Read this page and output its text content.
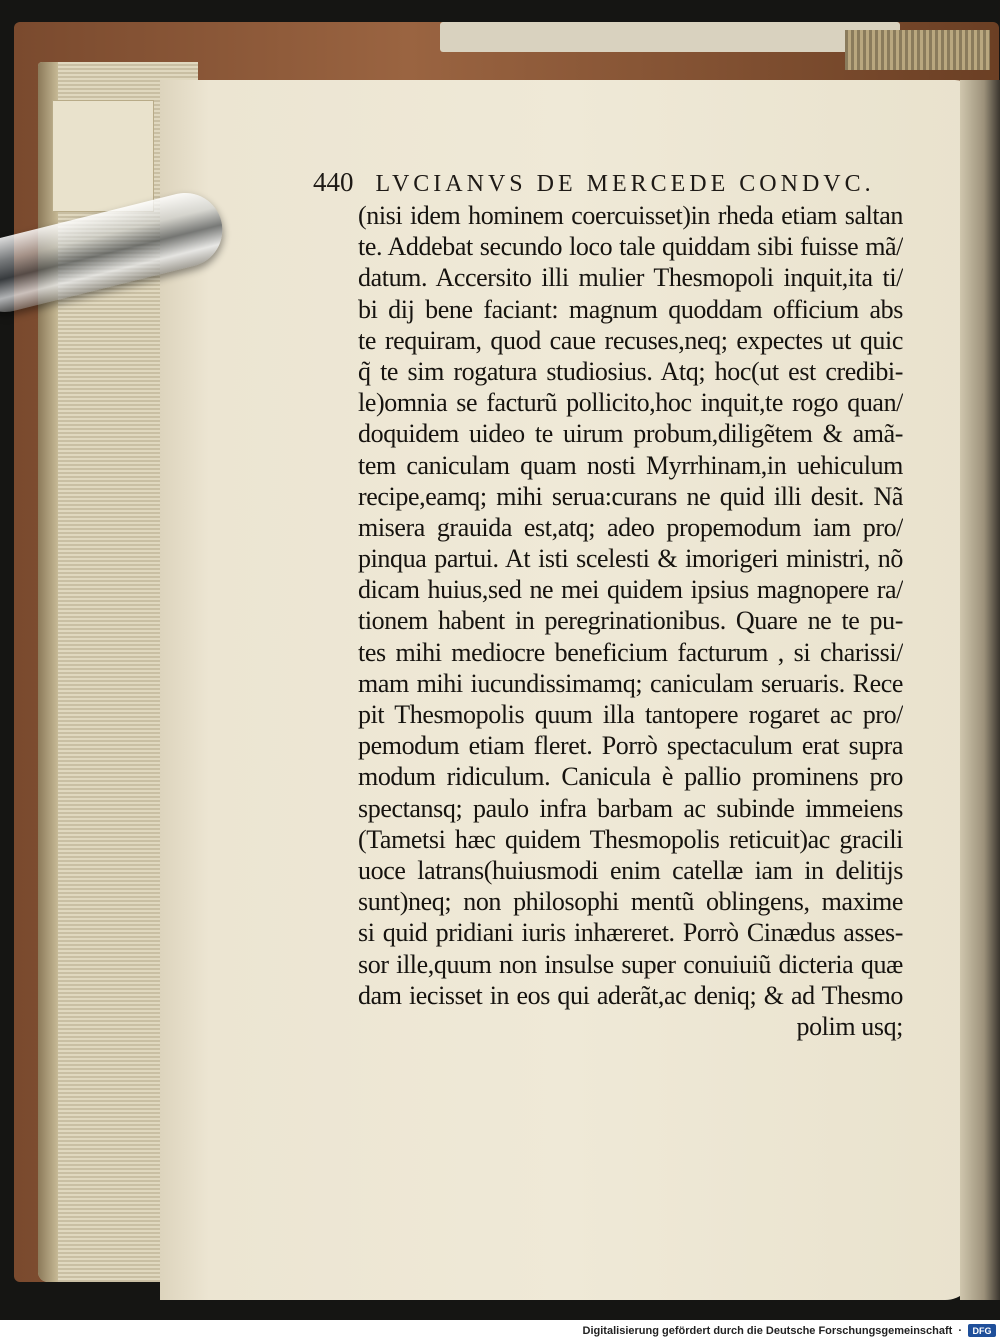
440 LVCIANVS DE MERCEDE CONDVC.
(nisi idem hominem coercuisset)in rheda etiam saltan
te. Addebat secundo loco tale quiddam sibi fuisse mã/
datum. Accersito illi mulier Thesmopoli inquit,ita ti/
bi dij bene faciant: magnum quoddam officium abs
te requiram, quod caue recuses,neq; expectes ut quic
q̃ te sim rogatura studiosius. Atq; hoc(ut est credibi-
le)omnia se facturũ pollicito,hoc inquit,te rogo quan/
doquidem uideo te uirum probum,diligẽtem & amã-
tem caniculam quam nosti Myrrhinam,in uehiculum
recipe,eamq; mihi serua:curans ne quid illi desit. Nã
misera grauida est,atq; adeo propemodum iam pro/
pinqua partui. At isti scelesti & imorigeri ministri, nõ
dicam huius,sed ne mei quidem ipsius magnopere ra/
tionem habent in peregrinationibus. Quare ne te pu-
tes mihi mediocre beneficium facturum , si charissi/
mam mihi iucundissimamq; caniculam seruaris. Rece
pit Thesmopolis quum illa tantopere rogaret ac pro/
pemodum etiam fleret. Porrò spectaculum erat supra
modum ridiculum. Canicula è pallio prominens pro
spectansq; paulo infra barbam ac subinde immeiens
(Tametsi hæc quidem Thesmopolis reticuit)ac gracili
uoce latrans(huiusmodi enim catellæ iam in delitijs
sunt)neq; non philosophi mentũ oblingens, maxime
si quid pridiani iuris inhæreret. Porrò Cinædus asses-
sor ille,quum non insulse super conuiuiũ dicteria quæ
dam iecisset in eos qui aderãt,ac deniq; & ad Thesmo
polim usq;
Digitalisierung gefördert durch die Deutsche Forschungsgemeinschaft ·	DFG
